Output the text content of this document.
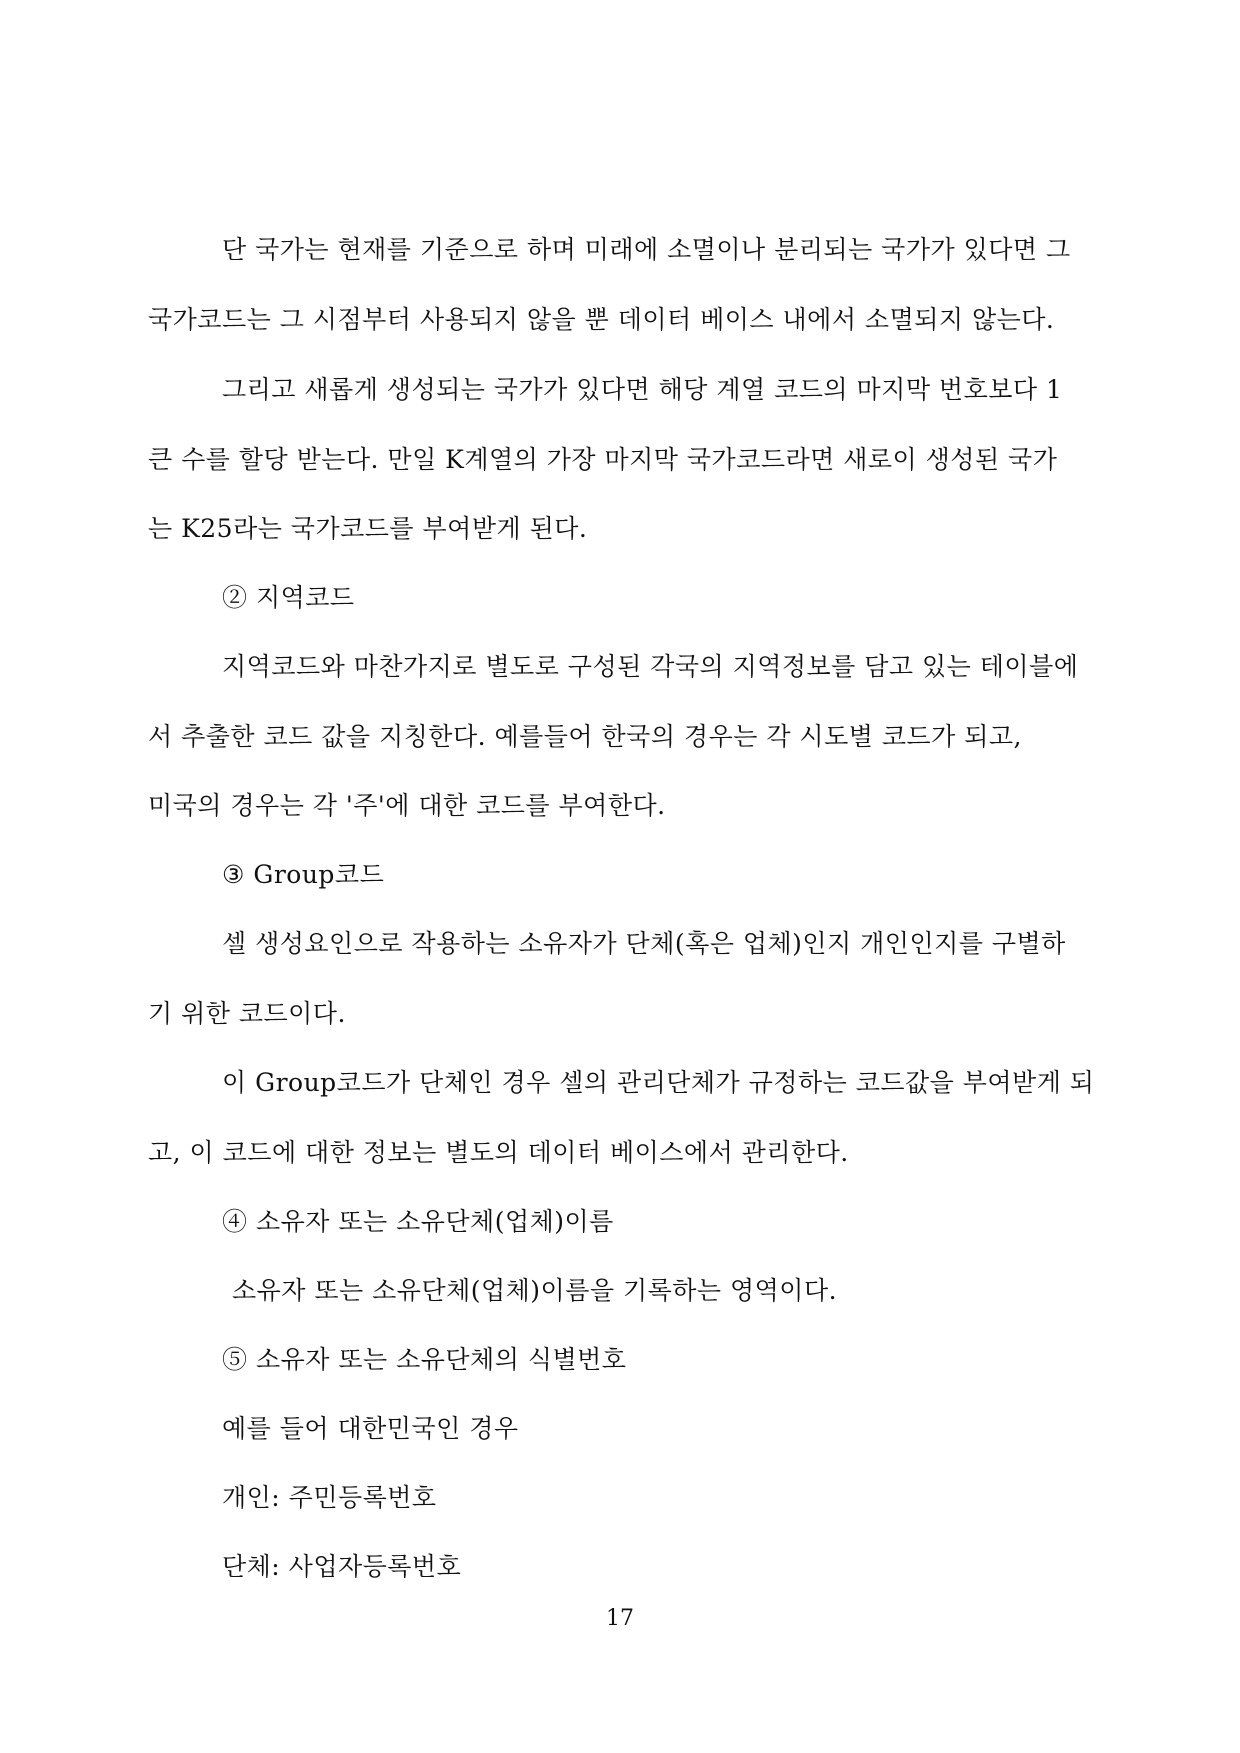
단 국가는 현재를 기준으로 하며 미래에 소멸이나 분리되는 국가가 있다면 그
국가코드는 그 시점부터 사용되지 않을 뿐 데이터 베이스 내에서 소멸되지 않는다.
그리고 새롭게 생성되는 국가가 있다면 해당 계열 코드의 마지막 번호보다 1
큰 수를 할당 받는다. 만일 K계열의 가장 마지막 국가코드라면 새로이 생성된 국가
는 K25라는 국가코드를 부여받게 된다.
② 지역코드
지역코드와 마찬가지로 별도로 구성된 각국의 지역정보를 담고 있는 테이블에
서 추출한 코드 값을 지칭한다. 예를들어 한국의 경우는 각 시도별 코드가 되고,
미국의 경우는 각 '주'에 대한 코드를 부여한다.
③ Group코드
셀 생성요인으로 작용하는 소유자가 단체(혹은 업체)인지 개인인지를 구별하
기 위한 코드이다.
이 Group코드가 단체인 경우 셀의 관리단체가 규정하는 코드값을 부여받게 되
고, 이 코드에 대한 정보는 별도의 데이터 베이스에서 관리한다.
④ 소유자 또는 소유단체(업체)이름
소유자 또는 소유단체(업체)이름을 기록하는 영역이다.
⑤ 소유자 또는 소유단체의 식별번호
예를 들어 대한민국인 경우
개인: 주민등록번호
단체: 사업자등록번호
17
